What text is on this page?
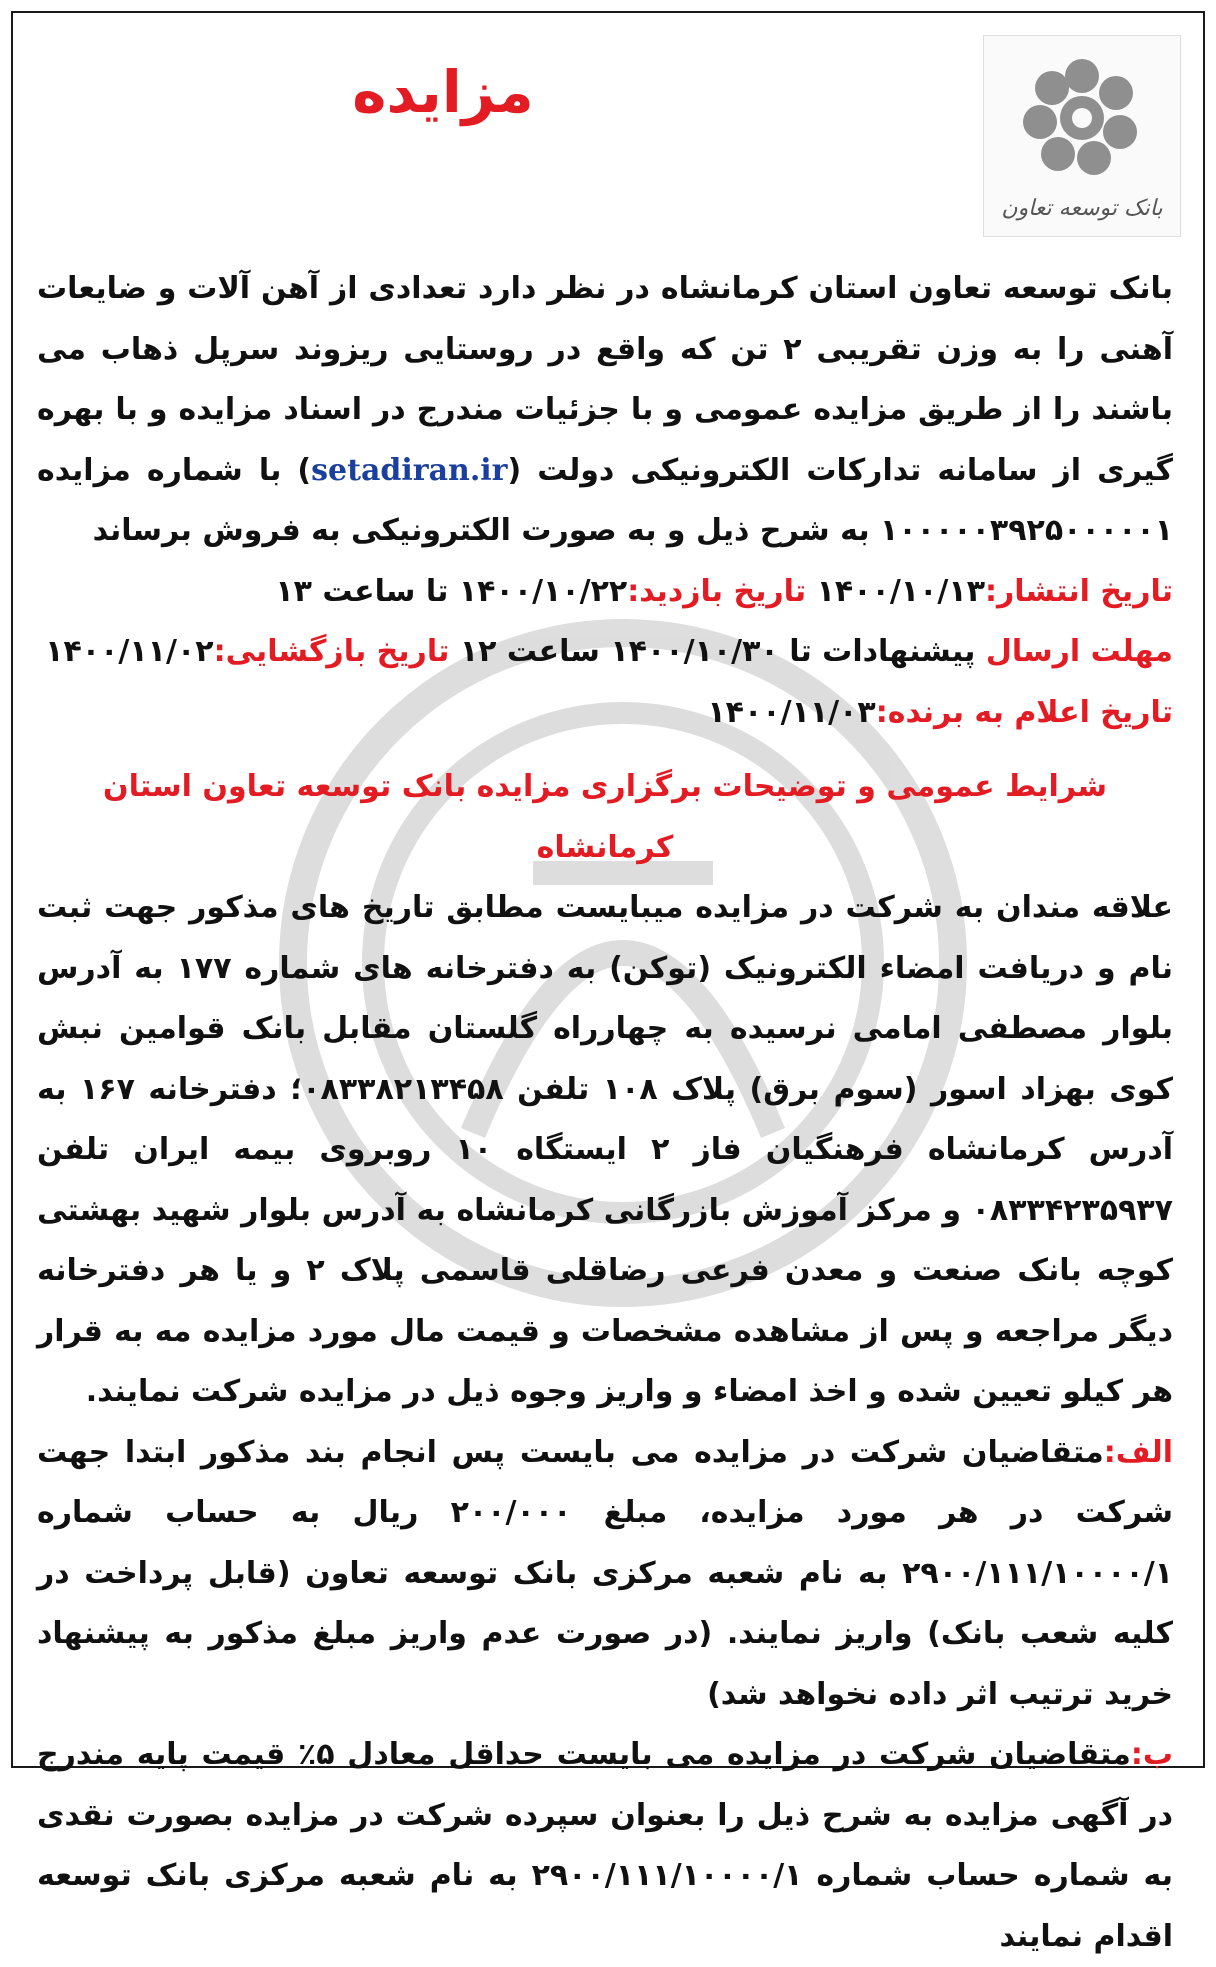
بانک توسعه تعاون
مزایده

بانک توسعه تعاون استان کرمانشاه در نظر دارد تعدادی از آهن آلات و ضایعات آهنی را به وزن تقریبی ۲ تن که واقع در روستایی ریزوند سرپل ذهاب می باشند را از طریق مزایده عمومی و با جزئیات مندرج در اسناد مزایده و با بهره گیری از سامانه تدارکات الکترونیکی دولت (setadiran.ir) با شماره مزایده ۱۰۰۰۰۰۳۹۲۵۰۰۰۰۰۱ به شرح ذیل و به صورت الکترونیکی به فروش برساند

تاریخ انتشار:۱۴۰۰/۱۰/۱۳ تاریخ بازدید:۱۴۰۰/۱۰/۲۲ تا ساعت ۱۳

مهلت ارسال پیشنهادات تا ۱۴۰۰/۱۰/۳۰ ساعت ۱۲ تاریخ بازگشایی:۱۴۰۰/۱۱/۰۲

تاریخ اعلام به برنده:۱۴۰۰/۱۱/۰۳

شرایط عمومی و توضیحات برگزاری مزایده بانک توسعه تعاون استان کرمانشاه

علاقه مندان به شرکت در مزایده میبایست مطابق تاریخ های مذکور جهت ثبت نام و دریافت امضاء الکترونیک (توکن) به دفترخانه های شماره ۱۷۷ به آدرس بلوار مصطفی امامی نرسیده به چهارراه گلستان مقابل بانک قوامین نبش کوی بهزاد اسور (سوم برق) پلاک ۱۰۸ تلفن ۰۸۳۳۸۲۱۳۴۵۸؛ دفترخانه ۱۶۷ به آدرس کرمانشاه فرهنگیان فاز ۲ ایستگاه ۱۰ روبروی بیمه ایران تلفن ۰۸۳۳۴۲۳۵۹۳۷ و مرکز آموزش بازرگانی کرمانشاه به آدرس بلوار شهید بهشتی کوچه بانک صنعت و معدن فرعی رضاقلی قاسمی پلاک ۲ و یا هر دفترخانه دیگر مراجعه و پس از مشاهده مشخصات و قیمت مال مورد مزایده مه به قرار هر کیلو تعیین شده و اخذ امضاء و واریز وجوه ذیل در مزایده شرکت نمایند.

الف:متقاضیان شرکت در مزایده می بایست پس انجام بند مذکور ابتدا جهت شرکت در هر مورد مزایده، مبلغ ۲۰۰/۰۰۰ ریال به حساب شماره ۲۹۰۰/۱۱۱/۱۰۰۰۰/۱ به نام شعبه مرکزی بانک توسعه تعاون (قابل پرداخت در کلیه شعب بانک) واریز نمایند. (در صورت عدم واریز مبلغ مذکور به پیشنهاد خرید ترتیب اثر داده نخواهد شد)

ب:متقاضیان شرکت در مزایده می بایست حداقل معادل ۵٪ قیمت پایه مندرج در آگهی مزایده به شرح ذیل را بعنوان سپرده شرکت در مزایده بصورت نقدی به شماره حساب شماره ۲۹۰۰/۱۱۱/۱۰۰۰۰/۱ به نام شعبه مرکزی بانک توسعه اقدام نمایند
